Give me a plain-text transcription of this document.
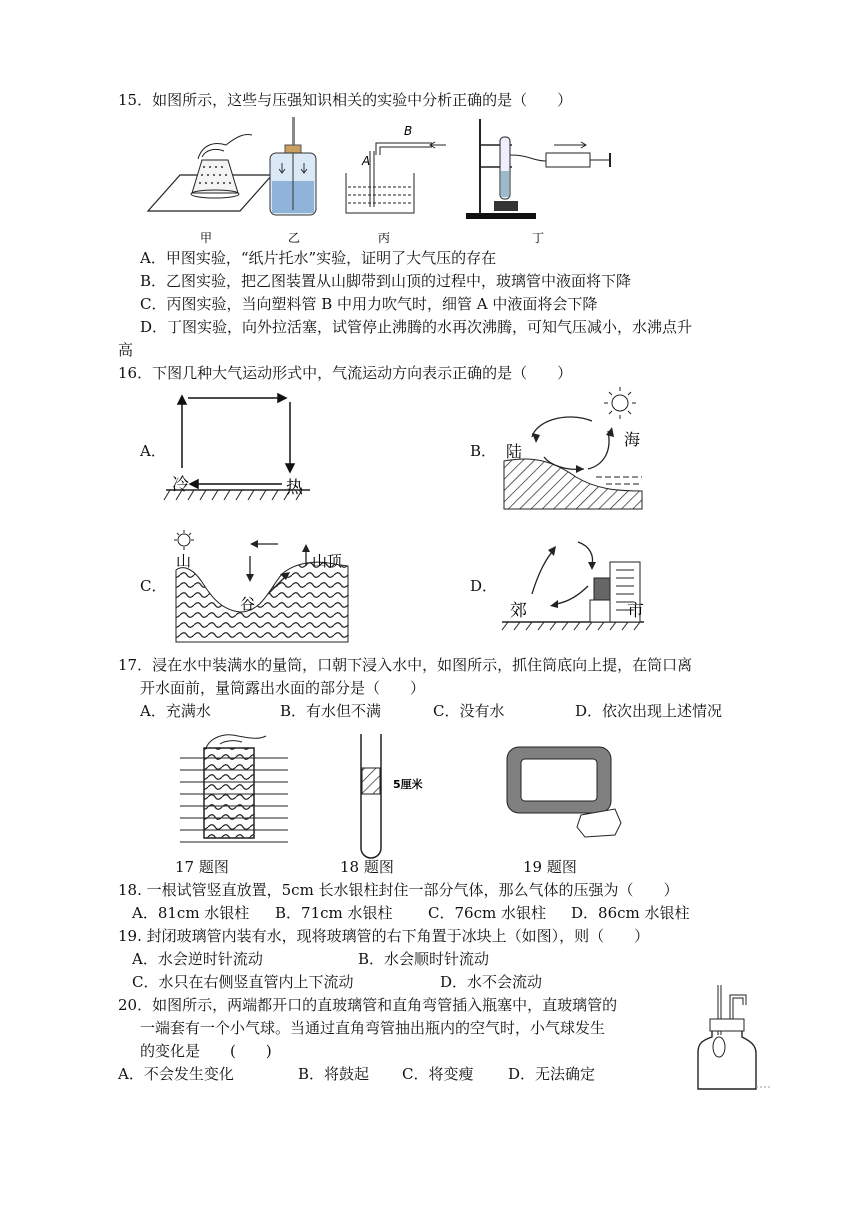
15．如图所示，这些与压强知识相关的实验中分析正确的是（　　）
甲	乙
B
A
丙	丁
A．甲图实验，“纸片托水”实验，证明了大气压的存在
B．乙图实验，把乙图装置从山脚带到山顶的过程中，玻璃管中液面将下降
C．丙图实验，当向塑料管 B 中用力吹气时，细管 A 中液面将会下降
D．丁图实验，向外拉活塞，试管停止沸腾的水再次沸腾，可知气压减小，水沸点升
高
16．下图几种大气运动形式中，气流运动方向表示正确的是（　　）
A．
冷	热
B． 陆
海
C．
山
谷
山顶
D．
郊	市
17．浸在水中装满水的量筒，口朝下浸入水中，如图所示，抓住筒底向上提，在筒口离
开水面前，量筒露出水面的部分是（　　）
A．充满水	B．有水但不满	C．没有水	D．依次出现上述情况
5厘米
17 题图	18 题图	19 题图
18. 一根试管竖直放置，5cm 长水银柱封住一部分气体，那么气体的压强为（　　）
A．81cm 水银柱 B．71cm 水银柱 C．76cm 水银柱 D．86cm 水银柱
19. 封闭玻璃管内装有水，现将玻璃管的右下角置于冰块上（如图），则（　　）
A．水会逆时针流动	B．水会顺时针流动
C．水只在右侧竖直管内上下流动	D．水不会流动
20．如图所示，两端都开口的直玻璃管和直角弯管插入瓶塞中，直玻璃管的
一端套有一个小气球。当通过直角弯管抽出瓶内的空气时，小气球发生
的变化是　　(　　)
A．不会发生变化	B．将鼓起 C．将变瘦 D．无法确定
